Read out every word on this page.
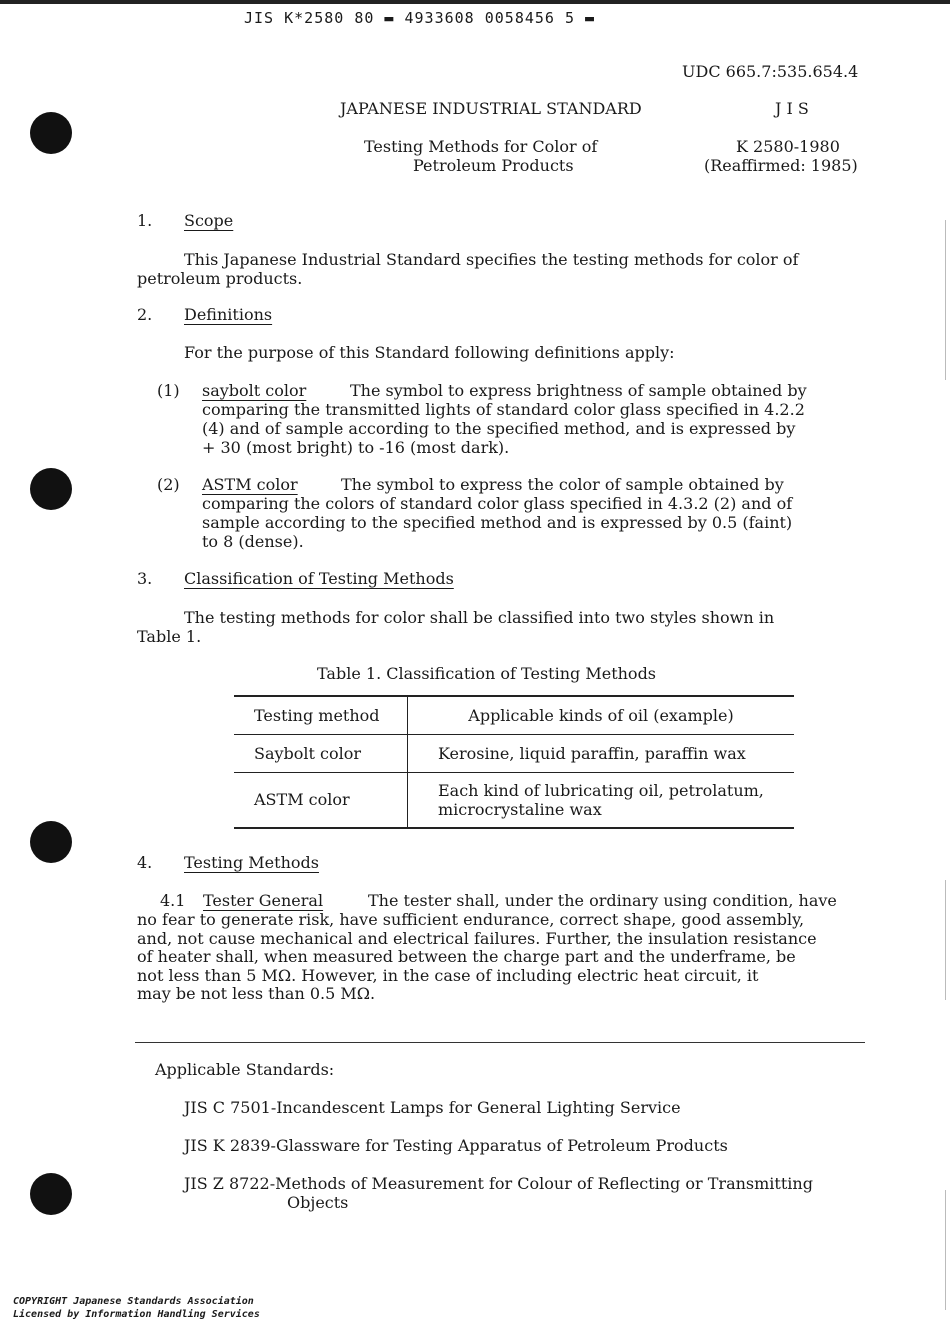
JIS K*2580 80 ▬ 4933608 0058456 5 ▬
UDC 665.7:535.654.4
JAPANESE INDUSTRIAL STANDARD	J I S
Testing Methods for Color of
Petroleum Products
K 2580-1980
(Reaffirmed: 1985)
1. Scope
This Japanese Industrial Standard specifies the testing methods for color of
petroleum products.
2. Definitions
For the purpose of this Standard following definitions apply:
(1) saybolt color	The symbol to express brightness of sample obtained by
comparing the transmitted lights of standard color glass specified in 4.2.2
(4) and of sample according to the specified method, and is expressed by
+ 30 (most bright) to -16 (most dark).
(2) ASTM color	The symbol to express the color of sample obtained by
comparing the colors of standard color glass specified in 4.3.2 (2) and of
sample according to the specified method and is expressed by 0.5 (faint)
to 8 (dense).
3. Classification of Testing Methods
The testing methods for color shall be classified into two styles shown in
Table 1.
Table 1. Classification of Testing Methods
Testing method	Applicable kinds of oil (example)
Saybolt color	Kerosine, liquid paraffin, paraffin wax
ASTM color	Each kind of lubricating oil, petrolatum,
microcrystaline wax
4. Testing Methods
4.1 Tester General	The tester shall, under the ordinary using condition, have
no fear to generate risk, have sufficient endurance, correct shape, good assembly,
and, not cause mechanical and electrical failures. Further, the insulation resistance
of heater shall, when measured between the charge part and the underframe, be
not less than 5 MΩ. However, in the case of including electric heat circuit, it
may be not less than 0.5 MΩ.
Applicable Standards:
JIS C 7501-Incandescent Lamps for General Lighting Service
JIS K 2839-Glassware for Testing Apparatus of Petroleum Products
JIS Z 8722-Methods of Measurement for Colour of Reflecting or Transmitting
Objects
COPYRIGHT Japanese Standards Association
Licensed by Information Handling Services
